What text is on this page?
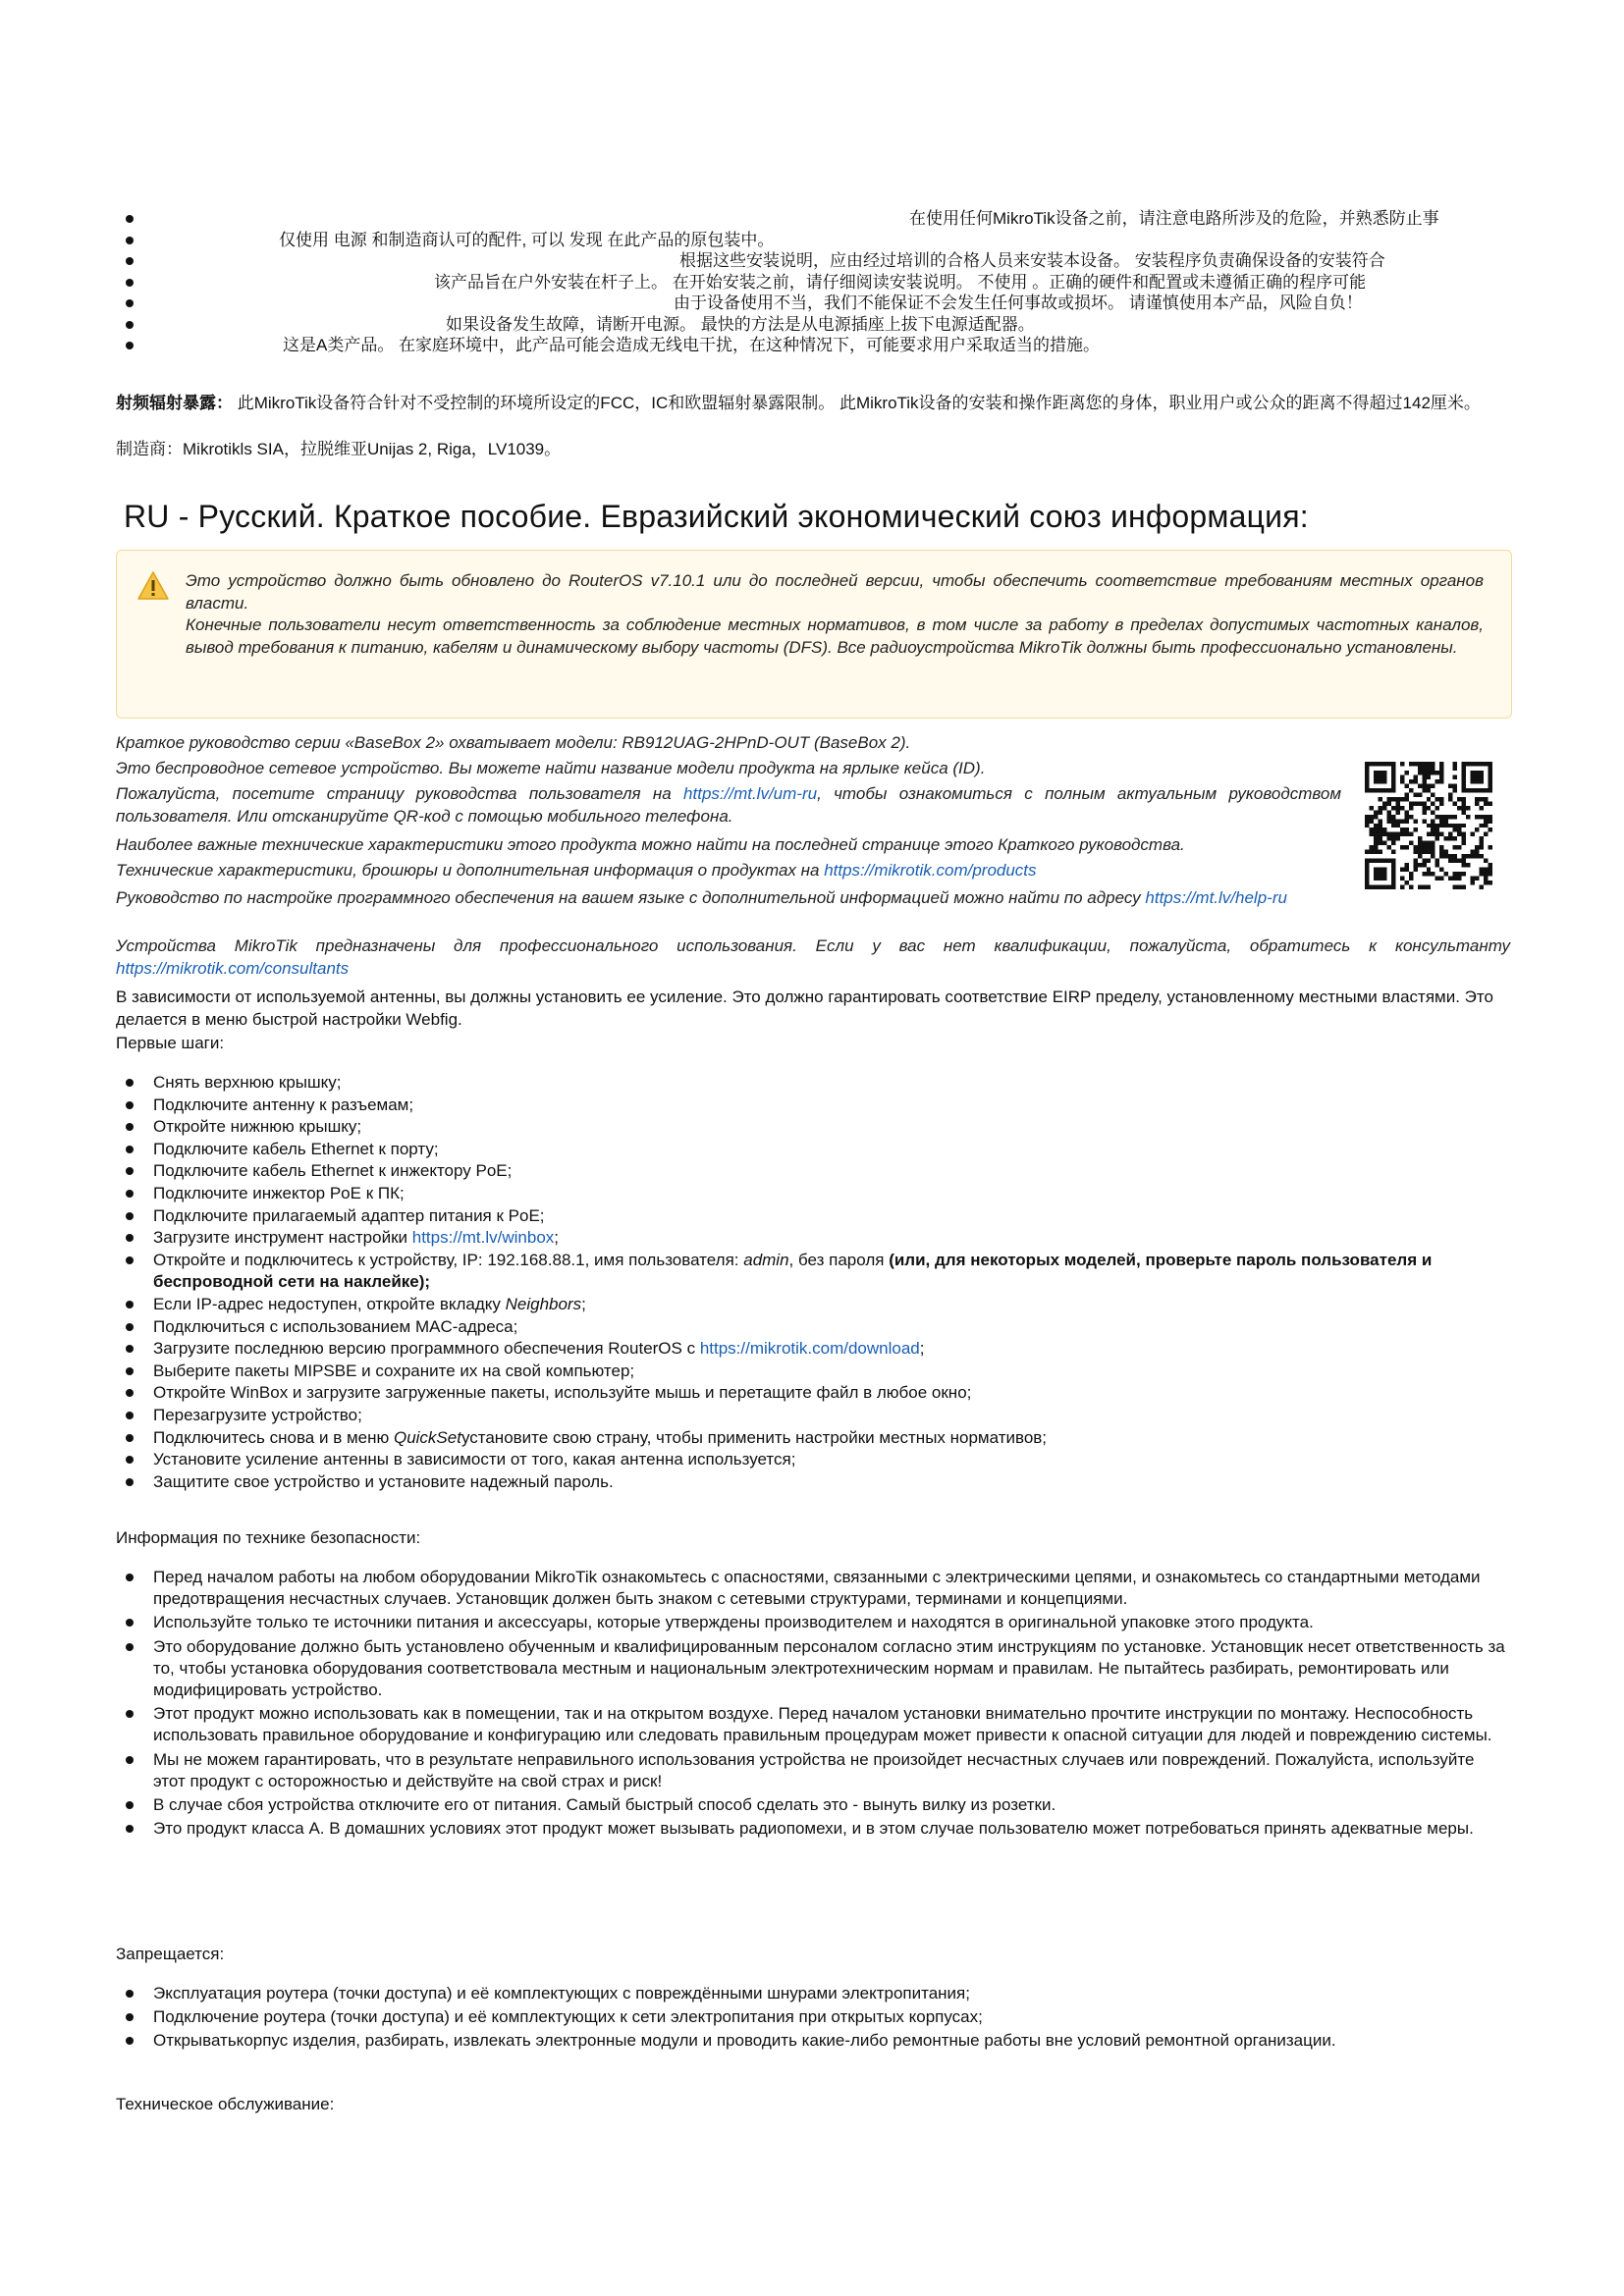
在使用任何MikroTik设备之前，请注意电路所涉及的危险，并熟悉防止事
仅使用 电源 和制造商认可的配件, 可以 发现 在此产品的原包装中。
根据这些安装说明，应由经过培训的合格人员来安装本设备。 安装程序负责确保设备的安装符合
该产品旨在户外安装在杆子上。 在开始安装之前，请仔细阅读安装说明。 不使用 。正确的硬件和配置或未遵循正确的程序可能
由于设备使用不当，我们不能保证不会发生任何事故或损坏。 请谨慎使用本产品，风险自负！
如果设备发生故障，请断开电源。 最快的方法是从电源插座上拔下电源适配器。
这是A类产品。 在家庭环境中，此产品可能会造成无线电干扰，在这种情况下，可能要求用户采取适当的措施。
射频辐射暴露： 此MikroTik设备符合针对不受控制的环境所设定的FCC，IC和欧盟辐射暴露限制。 此MikroTik设备的安装和操作距离您的身体，职业用户或公众的距离不得超过142厘米。
制造商：Mikrotikls SIA，拉脱维亚Unijas 2, Riga，LV1039。
RU - Русский. Краткое пособие. Евразийский экономический союз информация:

Это устройство должно быть обновлено до RouterOS v7.10.1 или до последней версии, чтобы обеспечить соответствие требованиям местных органов власти.

Конечные пользователи несут ответственность за соблюдение местных нормативов, в том числе за работу в пределах допустимых частотных каналов, вывод требования к питанию, кабелям и динамическому выбору частоты (DFS). Все радиоустройства MikroTik должны быть профессионально установлены.

Краткое руководство серии «BaseBox 2» охватывает модели: RB912UAG-2HPnD-OUT (BaseBox 2).
Это беспроводное сетевое устройство. Вы можете найти название модели продукта на ярлыке кейса (ID).
Пожалуйста, посетите страницу руководства пользователя на https://mt.lv/um-ru, чтобы ознакомиться с полным актуальным руководством пользователя. Или отсканируйте QR-код с помощью мобильного телефона.
Наиболее важные технические характеристики этого продукта можно найти на последней странице этого Краткого руководства.
Технические характеристики, брошюры и дополнительная информация о продуктах на https://mikrotik.com/products
Руководство по настройке программного обеспечения на вашем языке с дополнительной информацией можно найти по адресу https://mt.lv/help-ru
Устройства MikroTik предназначены для профессионального использования. Если у вас нет квалификации, пожалуйста, обратитесь к консультанту https://mikrotik.com/consultants
В зависимости от используемой антенны, вы должны установить ее усиление. Это должно гарантировать соответствие EIRP пределу, установленному местными властями. Это делается в меню быстрой настройки Webfig.
Первые шаги:
Снять верхнюю крышку;
Подключите антенну к разъемам;
Откройте нижнюю крышку;
Подключите кабель Ethernet к порту;
Подключите кабель Ethernet к инжектору PoE;
Подключите инжектор PoE к ПК;
Подключите прилагаемый адаптер питания к PoE;
Загрузите инструмент настройки https://mt.lv/winbox;
Откройте и подключитесь к устройству, IP: 192.168.88.1, имя пользователя: admin, без пароля (или, для некоторых моделей, проверьте пароль пользователя и беспроводной сети на наклейке);
Если IP-адрес недоступен, откройте вкладку Neighbors;
Подключиться с использованием MAC-адреса;
Загрузите последнюю версию программного обеспечения RouterOS с https://mikrotik.com/download;
Выберите пакеты MIPSBE и сохраните их на свой компьютер;
Откройте WinBox и загрузите загруженные пакеты, используйте мышь и перетащите файл в любое окно;
Перезагрузите устройство;
Подключитесь снова и в меню QuickSetустановите свою страну, чтобы применить настройки местных нормативов;
Установите усиление антенны в зависимости от того, какая антенна используется;
Защитите свое устройство и установите надежный пароль.
Информация по технике безопасности:
Перед началом работы на любом оборудовании MikroTik ознакомьтесь с опасностями, связанными с электрическими цепями, и ознакомьтесь со стандартными методами предотвращения несчастных случаев. Установщик должен быть знаком с сетевыми структурами, терминами и концепциями.
Используйте только те источники питания и аксессуары, которые утверждены производителем и находятся в оригинальной упаковке этого продукта.
Это оборудование должно быть установлено обученным и квалифицированным персоналом согласно этим инструкциям по установке. Установщик несет ответственность за то, чтобы установка оборудования соответствовала местным и национальным электротехническим нормам и правилам. Не пытайтесь разбирать, ремонтировать или модифицировать устройство.
Этот продукт можно использовать как в помещении, так и на открытом воздухе. Перед началом установки внимательно прочтите инструкции по монтажу. Неспособность использовать правильное оборудование и конфигурацию или следовать правильным процедурам может привести к опасной ситуации для людей и повреждению системы.
Мы не можем гарантировать, что в результате неправильного использования устройства не произойдет несчастных случаев или повреждений. Пожалуйста, используйте этот продукт с осторожностью и действуйте на свой страх и риск!
В случае сбоя устройства отключите его от питания. Самый быстрый способ сделать это - вынуть вилку из розетки.
Это продукт класса А. В домашних условиях этот продукт может вызывать радиопомехи, и в этом случае пользователю может потребоваться принять адекватные меры.
Запрещается:
Эксплуатация роутера (точки доступа) и её комплектующих с повреждёнными шнурами электропитания;
Подключение роутера (точки доступа) и её комплектующих к сети электропитания при открытых корпусах;
Открыватькорпус изделия, разбирать, извлекать электронные модули и проводить какие-либо ремонтные работы вне условий ремонтной организации.
Техническое обслуживание:
